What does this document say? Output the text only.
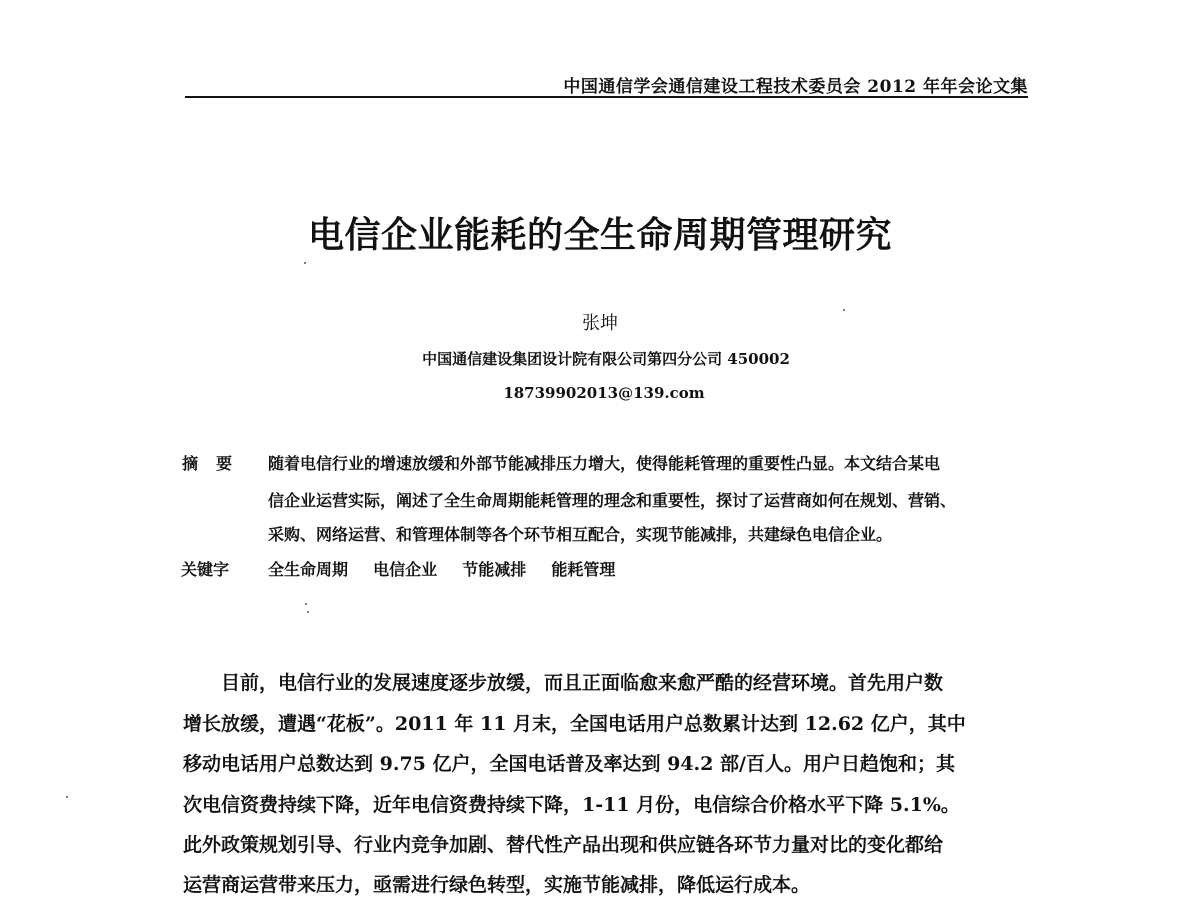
中国通信学会通信建设工程技术委员会 2012 年年会论文集
电信企业能耗的全生命周期管理研究
张坤
中国通信建设集团设计院有限公司第四分公司 450002
18739902013@139.com
摘要 随着电信行业的增速放缓和外部节能减排压力增大，使得能耗管理的重要性凸显。本文结合某电
信企业运营实际，阐述了全生命周期能耗管理的理念和重要性，探讨了运营商如何在规划、营销、
采购、网络运营、和管理体制等各个环节相互配合，实现节能减排，共建绿色电信企业。
关键字 全生命周期 电信企业 节能减排 能耗管理
目前，电信行业的发展速度逐步放缓，而且正面临愈来愈严酷的经营环境。首先用户数
增长放缓，遭遇“花板”。2011 年 11 月末，全国电话用户总数累计达到 12.62 亿户，其中
移动电话用户总数达到 9.75 亿户，全国电话普及率达到 94.2 部/百人。用户日趋饱和；其
次电信资费持续下降，近年电信资费持续下降，1-11 月份，电信综合价格水平下降 5.1%。
此外政策规划引导、行业内竞争加剧、替代性产品出现和供应链各环节力量对比的变化都给
运营商运营带来压力，亟需进行绿色转型，实施节能减排，降低运行成本。
